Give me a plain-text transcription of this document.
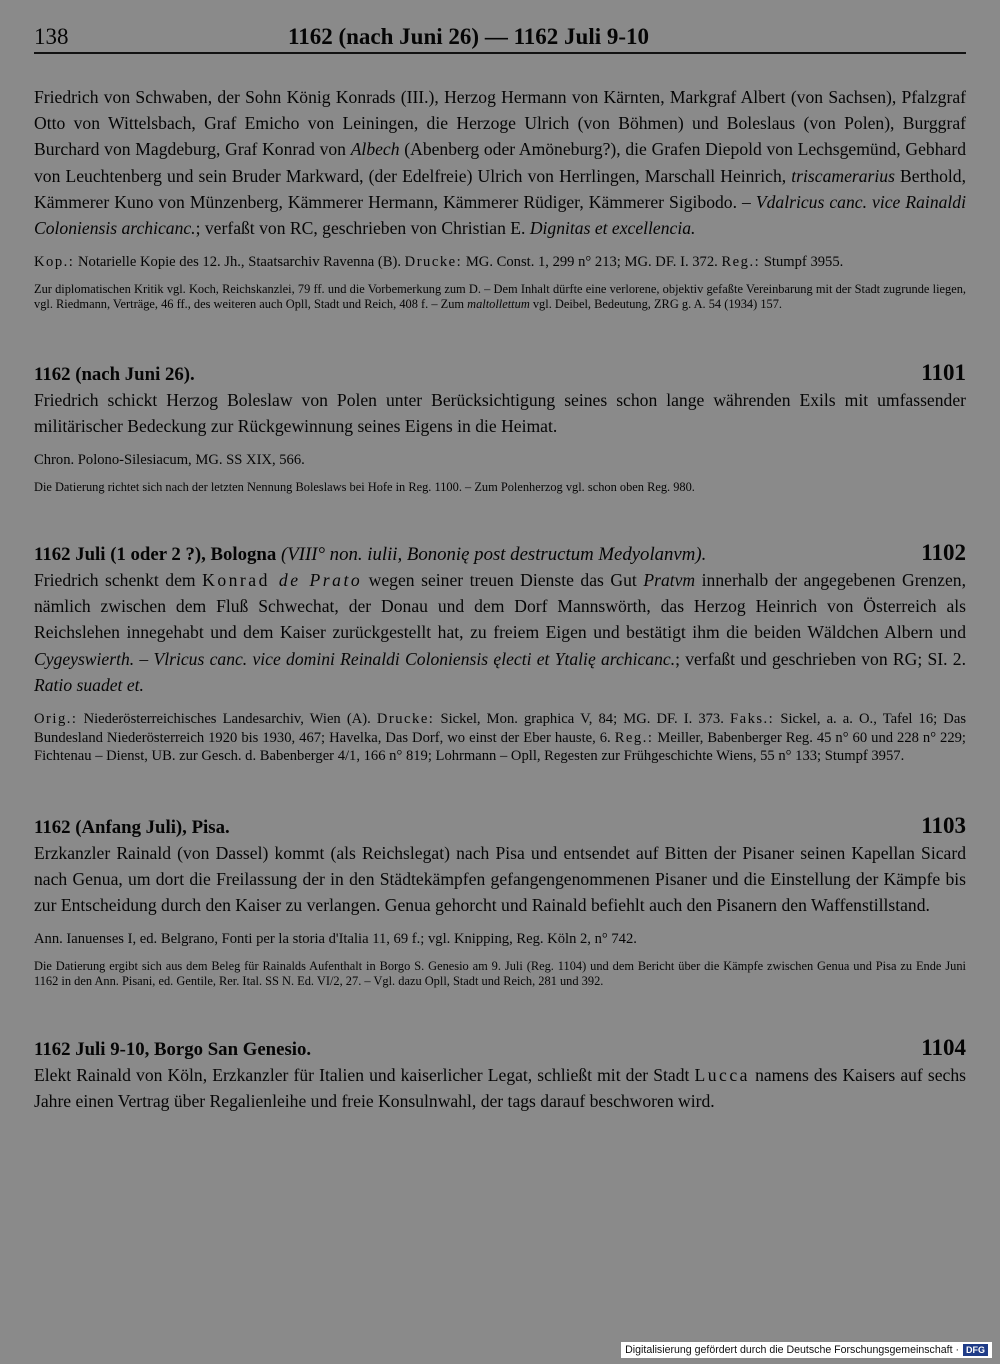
138	1162 (nach Juni 26) — 1162 Juli 9-10
Friedrich von Schwaben, der Sohn König Konrads (III.), Herzog Hermann von Kärnten, Markgraf Albert (von Sachsen), Pfalzgraf Otto von Wittelsbach, Graf Emicho von Leiningen, die Herzoge Ulrich (von Böhmen) und Boleslaus (von Polen), Burggraf Burchard von Magdeburg, Graf Konrad von Albech (Abenberg oder Amöneburg?), die Grafen Diepold von Lechsgemünd, Gebhard von Leuchtenberg und sein Bruder Markward, (der Edelfreie) Ulrich von Herrlingen, Marschall Heinrich, triscamerarius Berthold, Kämmerer Kuno von Münzenberg, Kämmerer Hermann, Kämmerer Rüdiger, Kämmerer Sigibodo. – Vdalricus canc. vice Rainaldi Coloniensis archicanc.; verfaßt von RC, geschrieben von Christian E. Dignitas et excellencia.
Kop.: Notarielle Kopie des 12. Jh., Staatsarchiv Ravenna (B). Drucke: MG. Const. 1, 299 n° 213; MG. DF. I. 372. Reg.: Stumpf 3955.
Zur diplomatischen Kritik vgl. Koch, Reichskanzlei, 79 ff. und die Vorbemerkung zum D. – Dem Inhalt dürfte eine verlorene, objektiv gefaßte Vereinbarung mit der Stadt zugrunde liegen, vgl. Riedmann, Verträge, 46 ff., des weiteren auch Opll, Stadt und Reich, 408 f. – Zum maltollettum vgl. Deibel, Bedeutung, ZRG g. A. 54 (1934) 157.
1162 (nach Juni 26).	1101
Friedrich schickt Herzog Boleslaw von Polen unter Berücksichtigung seines schon lange währenden Exils mit umfassender militärischer Bedeckung zur Rückgewinnung seines Eigens in die Heimat.
Chron. Polono-Silesiacum, MG. SS XIX, 566.
Die Datierung richtet sich nach der letzten Nennung Boleslaws bei Hofe in Reg. 1100. – Zum Polenherzog vgl. schon oben Reg. 980.
1162 Juli (1 oder 2 ?), Bologna (VIII° non. iulii, Bononię post destructum Medyolanvm).	1102
Friedrich schenkt dem Konrad de Prato wegen seiner treuen Dienste das Gut Pratvm innerhalb der angegebenen Grenzen, nämlich zwischen dem Fluß Schwechat, der Donau und dem Dorf Mannswörth, das Herzog Heinrich von Österreich als Reichslehen innegehabt und dem Kaiser zurückgestellt hat, zu freiem Eigen und bestätigt ihm die beiden Wäldchen Albern und Cygeyswierth. – Vlricus canc. vice domini Reinaldi Coloniensis ęlecti et Ytalię archicanc.; verfaßt und geschrieben von RG; SI. 2. Ratio suadet et.
Orig.: Niederösterreichisches Landesarchiv, Wien (A). Drucke: Sickel, Mon. graphica V, 84; MG. DF. I. 373. Faks.: Sickel, a. a. O., Tafel 16; Das Bundesland Niederösterreich 1920 bis 1930, 467; Havelka, Das Dorf, wo einst der Eber hauste, 6. Reg.: Meiller, Babenberger Reg. 45 n° 60 und 228 n° 229; Fichtenau – Dienst, UB. zur Gesch. d. Babenberger 4/1, 166 n° 819; Lohrmann – Opll, Regesten zur Frühgeschichte Wiens, 55 n° 133; Stumpf 3957.
1162 (Anfang Juli), Pisa.	1103
Erzkanzler Rainald (von Dassel) kommt (als Reichslegat) nach Pisa und entsendet auf Bitten der Pisaner seinen Kapellan Sicard nach Genua, um dort die Freilassung der in den Städtekämpfen gefangengenommenen Pisaner und die Einstellung der Kämpfe bis zur Entscheidung durch den Kaiser zu verlangen. Genua gehorcht und Rainald befiehlt auch den Pisanern den Waffenstillstand.
Ann. Ianuenses I, ed. Belgrano, Fonti per la storia d'Italia 11, 69 f.; vgl. Knipping, Reg. Köln 2, n° 742.
Die Datierung ergibt sich aus dem Beleg für Rainalds Aufenthalt in Borgo S. Genesio am 9. Juli (Reg. 1104) und dem Bericht über die Kämpfe zwischen Genua und Pisa zu Ende Juni 1162 in den Ann. Pisani, ed. Gentile, Rer. Ital. SS N. Ed. VI/2, 27. – Vgl. dazu Opll, Stadt und Reich, 281 und 392.
1162 Juli 9-10, Borgo San Genesio.	1104
Elekt Rainald von Köln, Erzkanzler für Italien und kaiserlicher Legat, schließt mit der Stadt Lucca namens des Kaisers auf sechs Jahre einen Vertrag über Regalienleihe und freie Konsulnwahl, der tags darauf beschworen wird.
Digitalisierung gefördert durch die Deutsche Forschungsgemeinschaft · DFG
